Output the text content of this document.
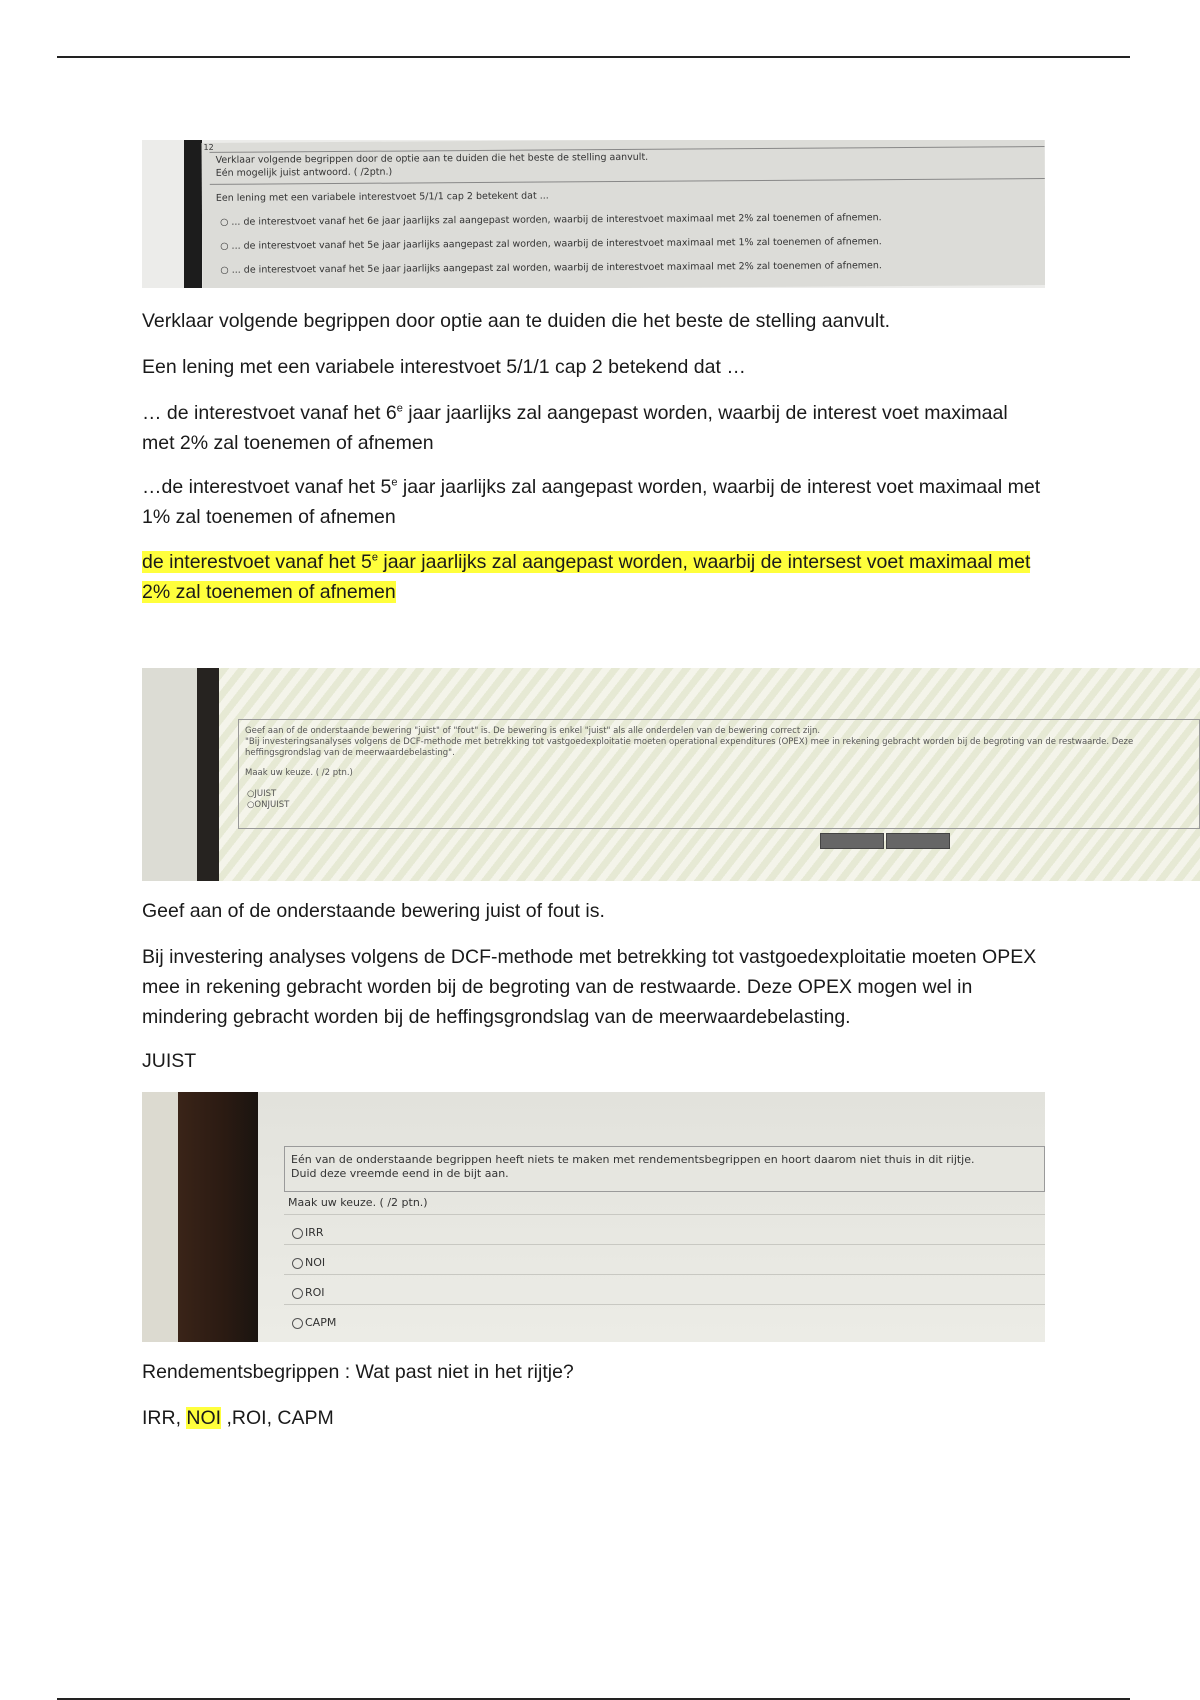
12
Verklaar volgende begrippen door de optie aan te duiden die het beste de stelling aanvult.
Eén mogelijk juist antwoord. ( /2ptn.)
Een lening met een variabele interestvoet 5/1/1 cap 2 betekent dat ...
○ ... de interestvoet vanaf het 6e jaar jaarlijks zal aangepast worden, waarbij de interestvoet maximaal met 2% zal toenemen of afnemen.
○ ... de interestvoet vanaf het 5e jaar jaarlijks aangepast zal worden, waarbij de interestvoet maximaal met 1% zal toenemen of afnemen.
○ ... de interestvoet vanaf het 5e jaar jaarlijks aangepast zal worden, waarbij de interestvoet maximaal met 2% zal toenemen of afnemen.

Verklaar volgende begrippen door optie aan te duiden die het beste de stelling aanvult.

Een lening met een variabele interestvoet 5/1/1 cap 2 betekend dat …

… de interestvoet vanaf het 6e jaar jaarlijks zal aangepast worden, waarbij de interest voet maximaal met 2% zal toenemen of afnemen

…de interestvoet vanaf het 5e jaar jaarlijks zal aangepast worden, waarbij de interest voet maximaal met 1% zal toenemen of afnemen

de interestvoet vanaf het 5e jaar jaarlijks zal aangepast worden, waarbij de intersest voet maximaal met 2% zal toenemen of afnemen

Geef aan of de onderstaande bewering "juist" of "fout" is. De bewering is enkel "juist" als alle onderdelen van de bewering correct zijn.
"Bij investeringsanalyses volgens de DCF-methode met betrekking tot vastgoedexploitatie moeten operational expenditures (OPEX) mee in rekening gebracht worden bij de begroting van de restwaarde. Deze
heffingsgrondslag van de meerwaardebelasting".
Maak uw keuze. ( /2 ptn.)
○JUIST
○ONJUIST

Geef aan of de onderstaande bewering juist of fout is.

Bij investering analyses volgens de DCF-methode met betrekking tot vastgoedexploitatie moeten OPEX mee in rekening gebracht worden bij de begroting van de restwaarde. Deze OPEX mogen wel in mindering gebracht worden bij de heffingsgrondslag van de meerwaardebelasting.

JUIST

Eén van de onderstaande begrippen heeft niets te maken met rendementsbegrippen en hoort daarom niet thuis in dit rijtje.
Duid deze vreemde eend in de bijt aan.
Maak uw keuze. ( /2 ptn.)
IRR
NOI
ROI
CAPM

Rendementsbegrippen : Wat past niet in het rijtje?

IRR, NOI ,ROI, CAPM
